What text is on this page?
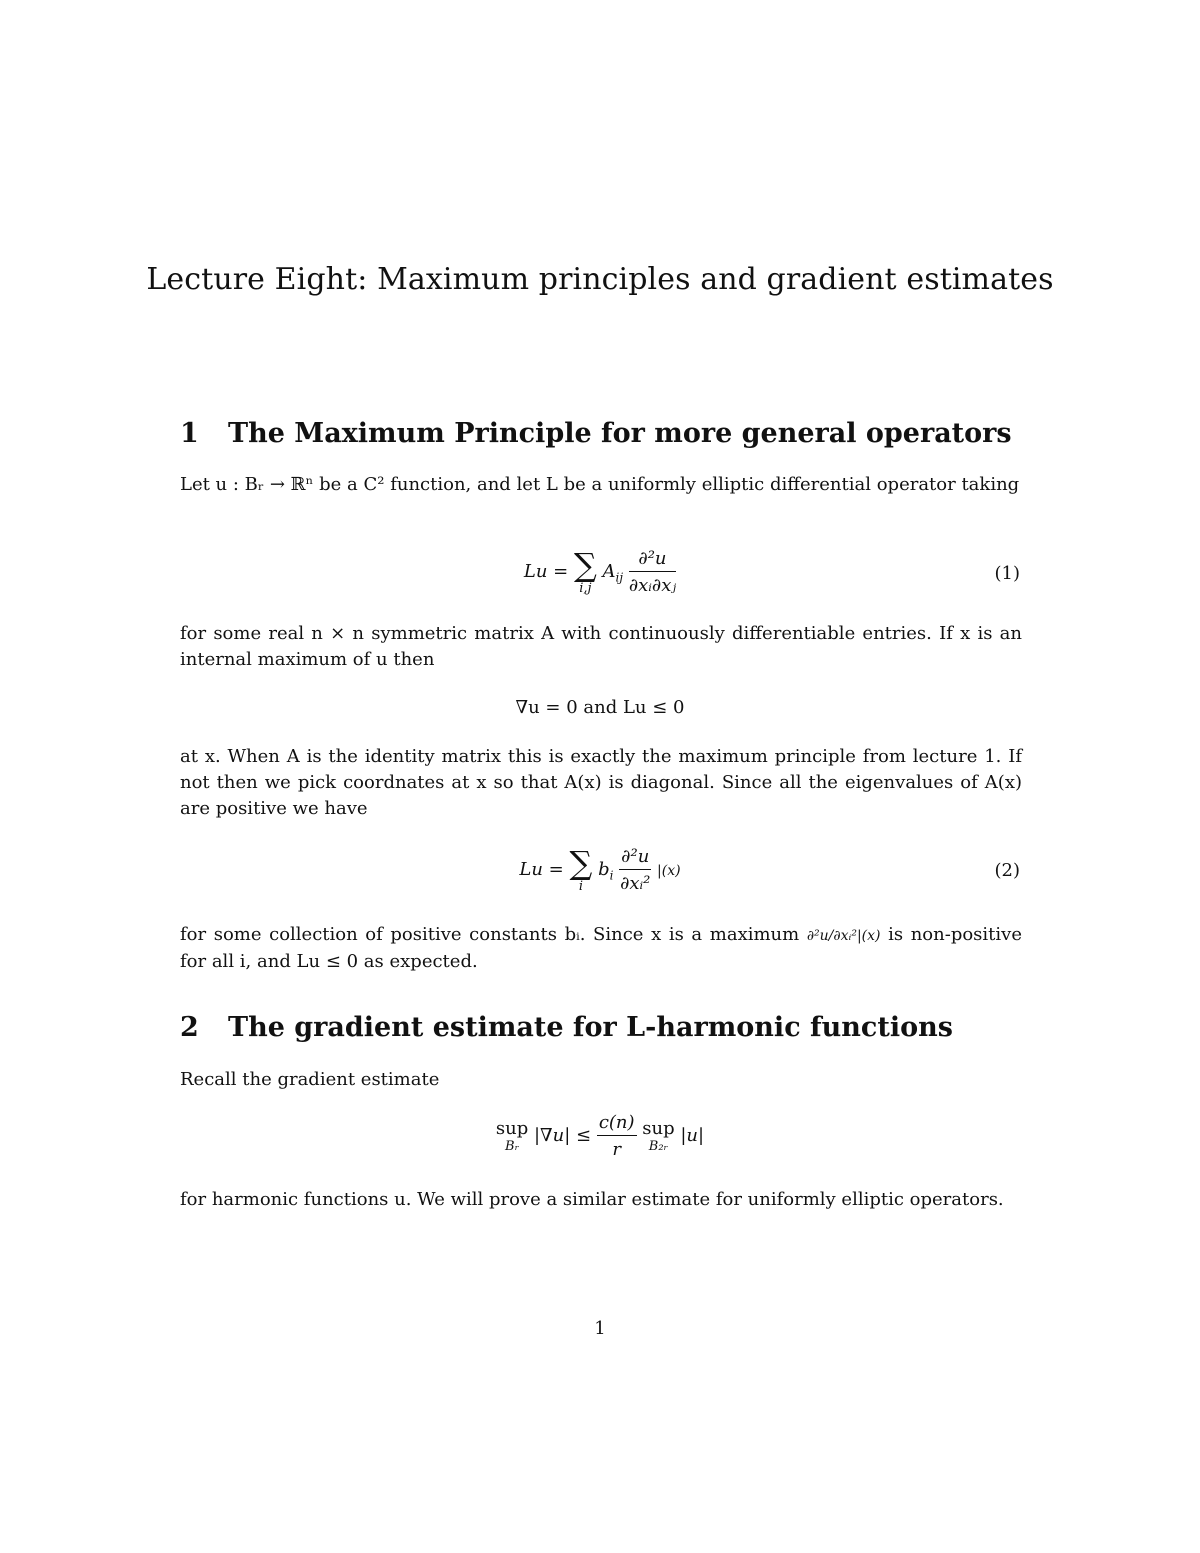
Lecture Eight: Maximum principles and gradient estimates
1 The Maximum Principle for more general operators
Let u : Bᵣ → ℝⁿ be a C² function, and let L be a uniformly elliptic differential operator taking
Lu = ∑
i,j
$A_{ij} \frac{\text{∂²u}}{\text{∂xᵢ∂xⱼ}}$	(1)
for some real n × n symmetric matrix A with continuously differentiable entries. If x is an internal maximum of u then
∇u = 0 and Lu ≤ 0
at x. When A is the identity matrix this is exactly the maximum principle from lecture 1. If not then we pick coordnates at x so that A(x) is diagonal. Since all the eigenvalues of A(x) are positive we have
Lu = ∑
i
$b_i \frac{\text{∂²u}}{\text{∂xᵢ²}} |(x)$	(2)
for some collection of positive constants bᵢ. Since x is a maximum ∂²u/∂xᵢ²|(x) is non-positive for all i, and Lu ≤ 0 as expected.
2 The gradient estimate for L-harmonic functions
Recall the gradient estimate
sup
Bᵣ
$|\nabla u| \le \frac{c(n)}{r}$
sup
B₂ᵣ
|u|
for harmonic functions u. We will prove a similar estimate for uniformly elliptic operators.
1
